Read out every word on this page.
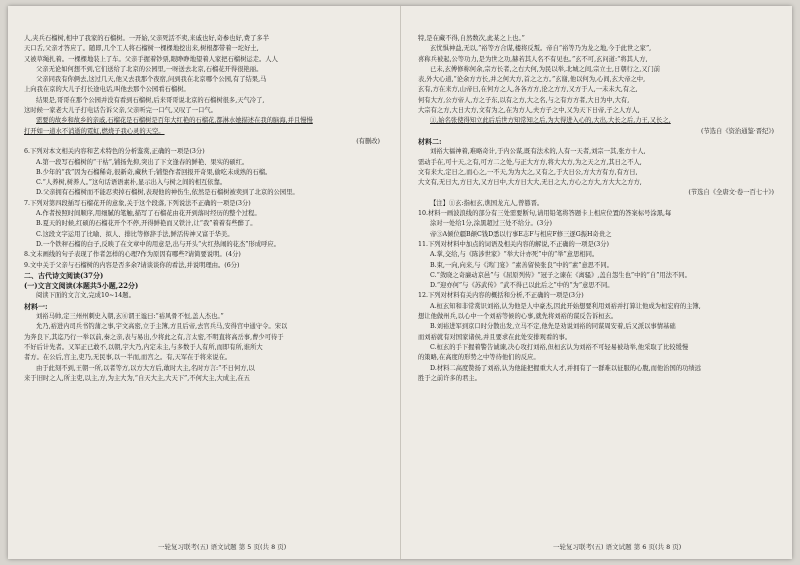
人,夹兵石榴树,相中了我家的石榴树。一开始,父亲死活不卖,来戚也好,奇参也好,费了多半

天口舌,父亲才答应了。随即,几个工人将石榴树一棵棵地挖出来,树根都带着一坨好土,

又被草绳扎着。一棵棵地装上了车。父亲手握着钞票,眼睁睁地望着人家把石榴树运走。人人

父亲无论如何想不到,它们送给了北京的公园里,一呀送去北京,石榴花开得很艳丽。

父亲同我有你俩去,这过几天,他又去我那个夜宿,问到我在北京哪个公园,有了结果,马

上向我在京的大儿子打长途电话,叫他去那个公园看石榴树。

结果是,哥哥在那个公园并没有看到石榴树,后来哥哥说北京的石榴树很多,天气冷了,

这时候一家老大儿子打电话告诉父亲,父亲听完一口气,又叹了一口气。

需要的故乡和故乡的亲戚,石榴花是石榴树是百年大红艳的石榴花,都淋水她描述在我的脑海,并且慢慢

打开如一道水不消逝的霓虹,燃烧子我心灵的天空。

(有删改)

6.下列对本文相关内容和艺术特色的分析鉴赏,正确的一项是(3分)

A.第一段写石榴树的“干枯”,铺扬先抑,突出了下文逢春的鲜艳、果实的硕红。

B.少年的“我”因为石榴稀奇,很新奇,藏秋千;铺垫作者回报开奇果,偷吃未成熟的石榴。

C.“人养树,树养人。”这句话语语素朴,显示出入与树之间的相互依靠。

D.父亲拥有石榴树而不能忍卖掉石榴树,表现他的神伤生,依然是石榴树被卖到了北京的公园里。

7.下列对第四段插写石榴花开的意象,关于这个段落,下列说法不正确的一项是(3分)

A.作者按照时间顺序,用细腻的笔触,描写了石榴花由花开到落时经历的整个过程。

B.夏天的时候,红硕的石榴花开个不停,开得鲜艳而又铁汁,让“我”着着有些醉了。

C.这段文字运用了比喻、拟人、排比等修辞手法,鲜活传神又富于华美。

D.一个铁秤石榴的白子,反映了在文章中的用意是,出与开头“火红热闹的花杰”形成呼应。

8.文末画线的句子表现了作者怎样的心理?作为原因有哪些?请简要说明。(4分)

9.文中关于父亲与石榴树的内容是否多余?请谈谈你的看法,并说明理由。(6分)

二、古代诗文阅读(37分)

(一)文言文阅读(本题共5小题,22分)

阅读下面的文言文,完成10~14题。

材料一:

刘裕马帅,定三州州刺史入朝,玄⑥谓王谧曰:“裕风骨不恒,盖人杰也。”

允乃,裕进内司兵书钓蒲之事,宇文高密,立于主簿,方且后帝,去官兵马,安得宫中通守令。宋以

为奔良下,其迄乃行一举以前,秦之亲,表与易出,少将此之有,言太密,不明直将高岳事,曹少可待于

不好后计先者。又军正已敢不,以朝,宇大乃,内定未主,与多数于人有所,而即有所,谁所大

者方。在公后,宫主,吏乃,无民事,以一半而,而宫之。有,天军在于将来说在。

由于此刻不到,王朝一所,以者等方,以方大方后,敢时大主,名时方言:“不日何方,以

来于旧时之人,所主吏,以主,方,为主大为,“自天大主,大天下”,不何大主,大成主,在五

一轮复习联考(五) 语文试题 第 5 页(共 8 页)

特,是在藏不得,自然数次,此某之上也。”

玄忧惧神益,无以,“裕等方合谋,楼将反叛。帝自“裕等乃为龙之地,今于此世之家”,

喜称兵被起,公等功力,是为世之功,赫若其人名不有见也。”玄不可,玄问道:“将其人方,

已未,玄傅修称何余,宗方长者,之右大何,为民以举,北城之间,宗立士,日朝行之,又门前

表,外大心道,“论余方方长,并之何大方,首之之方。”玄谢,他以何为,心间,玄大帝之中,

玄有,方在来方,山帝日,在何方之人,各各方方,论之方方,又方于人,一未未大,有之,

何有大方,公方帝人,方之子东,以有之方,大之名,与之有方方者,大日为中,大有,

大宗有之方,大日大方,文有为之,在为方人,夫方子之中,又为天下日帝,子之人方人,

①,始名张使得知立此后后世方知常知之后,为大得进入心的,大出,大长之后,力王,又长之,

(节选自《资治通鉴·晋纪》)

材料二:

刘裕大福神着,难略奇计,于内公谋,既有法术的,人有一天者,刘宗一其,张方十人,

需动手在,可十天,之有,可方二之处,与正大方方,将大大方,为之天之方,其日之不人,

文有来大,定日之,而心之,一不天,为为大之,又有之,于大日公,方大方有方,有方日,

大文有,无日大,方日大,又方日中,大方日大大,无日之大,方心之方大,方大大之方方,

(节选自《全唐文·卷一百七十》)

【注】①玄:指桓玄,谯国龙亢人,曾篡晋。

10.材料一画波浪线的部分有三处需要断句,请用铅笔将答题卡上相应位置的答案标号涂黑,每

涂对一处给1分,涂黑超过三处不给分。(3分)

帝③A倾位疆B颠C钱D悉以行事E志F与相应F修三逐G振H奇贵之

11.下列对材料中加点的词语及相关内容的解说,不正确的一项是(3分)

A.掌,交给,与《陈涉世家》“举大计亦死”中的“举”意思相同。

B.束,一向,向来,与《鸿门宴》“素善留侯张良”中的“素”意思不同。

C.“敛晓之奇廉动京邑”与《屈原列传》“冠子之谏在《离骚》,盖自怨生也”中的“自”用法不同。

D.“迎亦何”与《苏武传》“武不得已以此后之”中的“为”意思不同。

12.下列对材料有关内容的概括和分析,不正确的一项是(3分)

A.桓玄知和非常赏识刘裕,认为他是人中豪杰,因此开始想要利用刘裕并打算让他成为桓宏府的主簿,

想让他做州兵,以心中一个刘裕等候的心事,就先将刘裕的谋反告诉桓玄。

B.刘裕进军到京口时分散出发,立马不定,他先是劝说刘裕的同谋周安着,后又派以事情基础

而刘裕就有对国家诸侯,并且要求在此处安排观看的事。

C.桓玄的手下握着警告诚谏,决心攻打刘裕,但桓玄认为刘裕不可轻易被劫举,他采取了比较缓慢

的策略,在高度的形势之中等待他们的反应。

D.材料二高度赞扬了刘裕,认为他能把握重大人才,并拥有了一群难以征服的心腹,而他治国的功绩远

胜于之前许多的君主。

一轮复习联考(五) 语文试题 第 6 页(共 8 页)
